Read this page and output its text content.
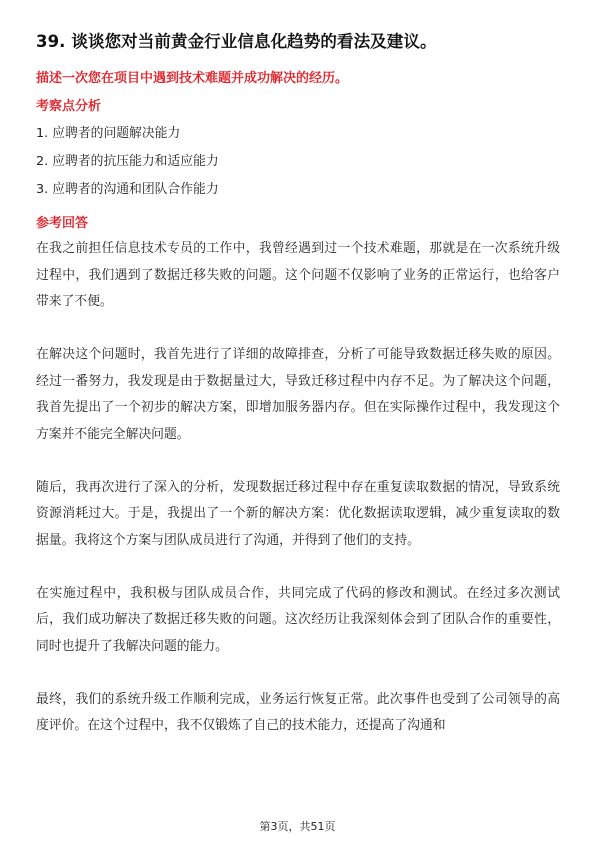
39. 谈谈您对当前黄金行业信息化趋势的看法及建议。
描述一次您在项目中遇到技术难题并成功解决的经历。
考察点分析
1. 应聘者的问题解决能力
2. 应聘者的抗压能力和适应能力
3. 应聘者的沟通和团队合作能力
参考回答

在我之前担任信息技术专员的工作中，我曾经遇到过一个技术难题，那就是在一次系统升级过程中，我们遇到了数据迁移失败的问题。这个问题不仅影响了业务的正常运行，也给客户带来了不便。

在解决这个问题时，我首先进行了详细的故障排查，分析了可能导致数据迁移失败的原因。经过一番努力，我发现是由于数据量过大，导致迁移过程中内存不足。为了解决这个问题，我首先提出了一个初步的解决方案，即增加服务器内存。但在实际操作过程中，我发现这个方案并不能完全解决问题。

随后，我再次进行了深入的分析，发现数据迁移过程中存在重复读取数据的情况，导致系统资源消耗过大。于是，我提出了一个新的解决方案：优化数据读取逻辑，减少重复读取的数据量。我将这个方案与团队成员进行了沟通，并得到了他们的支持。

在实施过程中，我积极与团队成员合作，共同完成了代码的修改和测试。在经过多次测试后，我们成功解决了数据迁移失败的问题。这次经历让我深刻体会到了团队合作的重要性，同时也提升了我解决问题的能力。

最终，我们的系统升级工作顺利完成，业务运行恢复正常。此次事件也受到了公司领导的高度评价。在这个过程中，我不仅锻炼了自己的技术能力，还提高了沟通和

第3页，共51页
